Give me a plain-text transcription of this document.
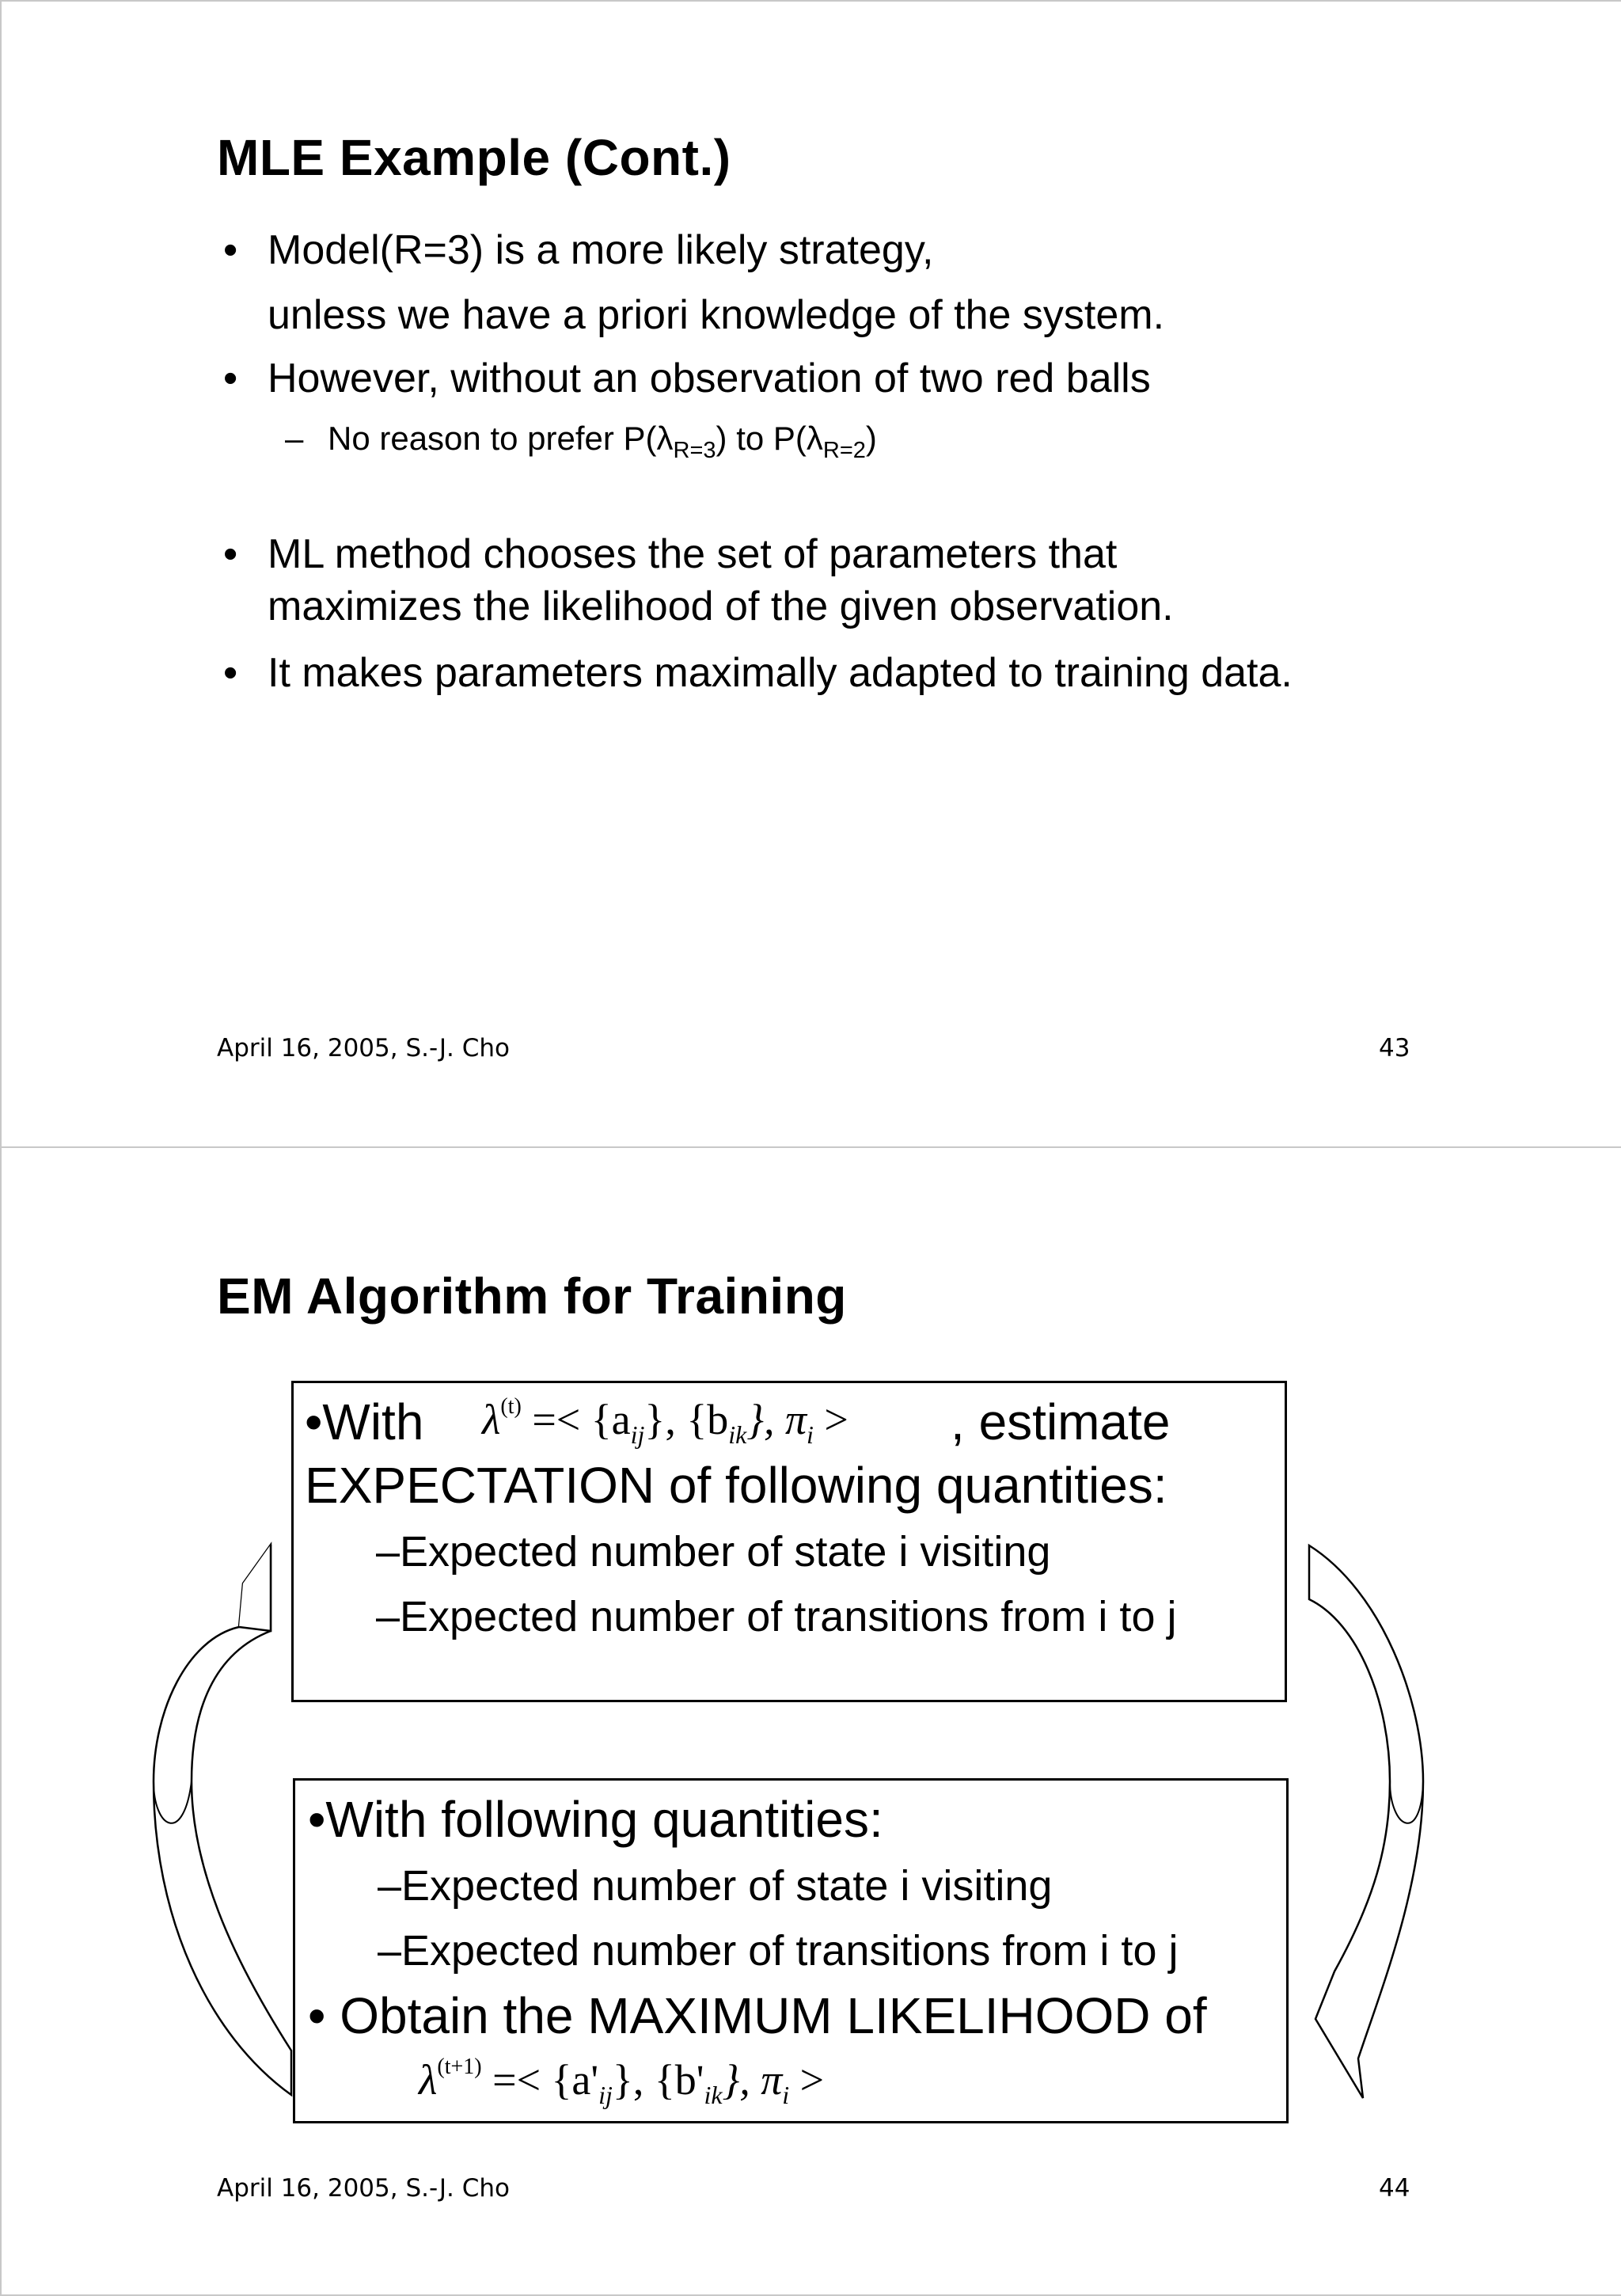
MLE Example (Cont.)
• Model(R=3) is a more likely strategy,
unless we have a priori knowledge of the system.
• However, without an observation of two red balls
– No reason to prefer $P(\lambda_{R=3})$ to $P(\lambda_{R=2})$
• ML method chooses the set of parameters that
maximizes the likelihood of the given observation.
• It makes parameters maximally adapted to training data.
April 16, 2005, S.-J. Cho	43
EM Algorithm for Training
•With $\lambda^{(t)} =< \{a_{ij}\}$, $\{b_{ik}\}$, $\pi_i$ > , estimate
EXPECTATION of following quantities:
–Expected number of state i visiting
–Expected number of transitions from i to j
•With following quantities:
–Expected number of state i visiting
–Expected number of transitions from i to j
• Obtain the MAXIMUM LIKELIHOOD of
$\lambda^{(t+1)} =< \{a'_{ij}\}$, $\{b'_{ik}\}$, $\pi_i$ >
April 16, 2005, S.-J. Cho	44
